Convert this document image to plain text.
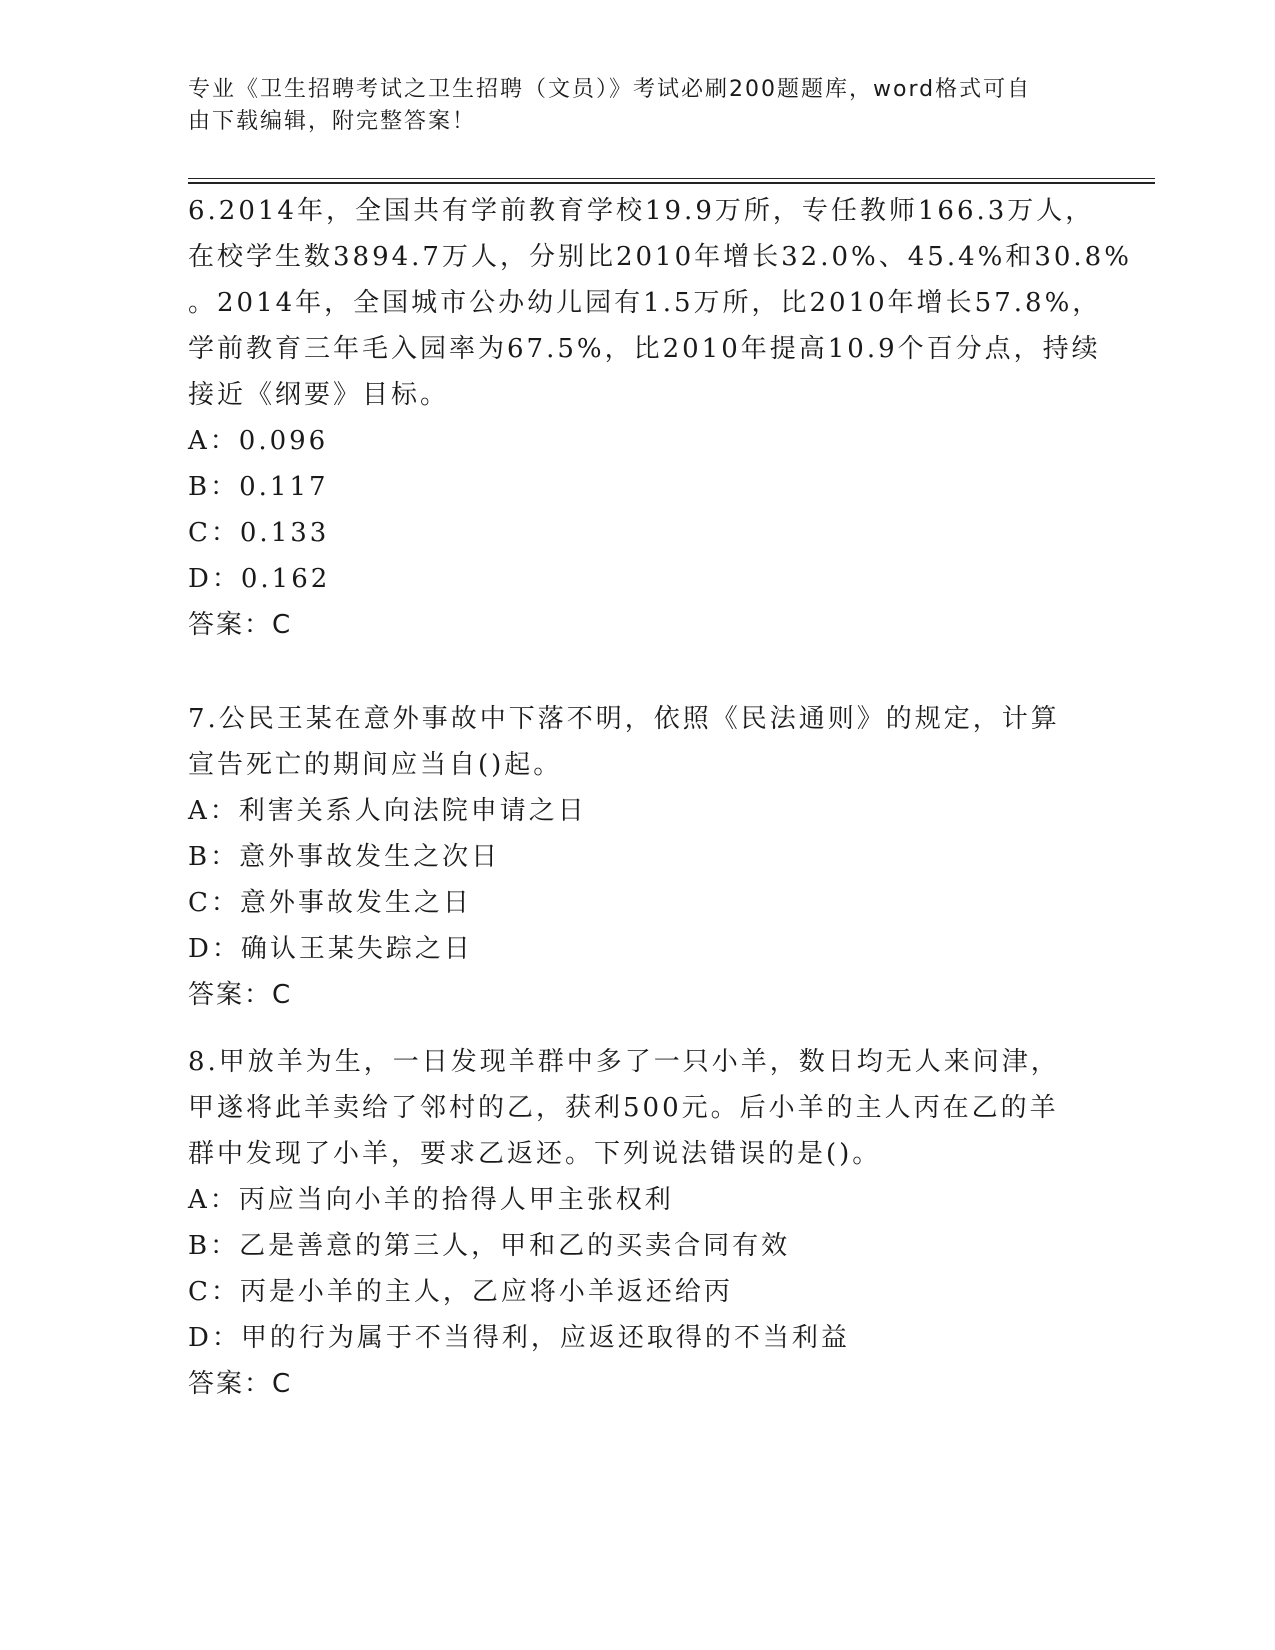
专业《卫生招聘考试之卫生招聘（文员）》考试必刷200题题库，word格式可自
由下载编辑，附完整答案！
6.2014年，全国共有学前教育学校19.9万所，专任教师166.3万人，
在校学生数3894.7万人，分别比2010年增长32.0%、45.4%和30.8%
。2014年，全国城市公办幼儿园有1.5万所，比2010年增长57.8%，
学前教育三年毛入园率为67.5%，比2010年提高10.9个百分点，持续
接近《纲要》目标。
A：0.096
B：0.117
C：0.133
D：0.162
答案：C
7.公民王某在意外事故中下落不明，依照《民法通则》的规定，计算
宣告死亡的期间应当自()起。
A：利害关系人向法院申请之日
B：意外事故发生之次日
C：意外事故发生之日
D：确认王某失踪之日
答案：C
8.甲放羊为生，一日发现羊群中多了一只小羊，数日均无人来问津，
甲遂将此羊卖给了邻村的乙，获利500元。后小羊的主人丙在乙的羊
群中发现了小羊，要求乙返还。下列说法错误的是()。
A：丙应当向小羊的拾得人甲主张权利
B：乙是善意的第三人，甲和乙的买卖合同有效
C：丙是小羊的主人，乙应将小羊返还给丙
D：甲的行为属于不当得利，应返还取得的不当利益
答案：C
